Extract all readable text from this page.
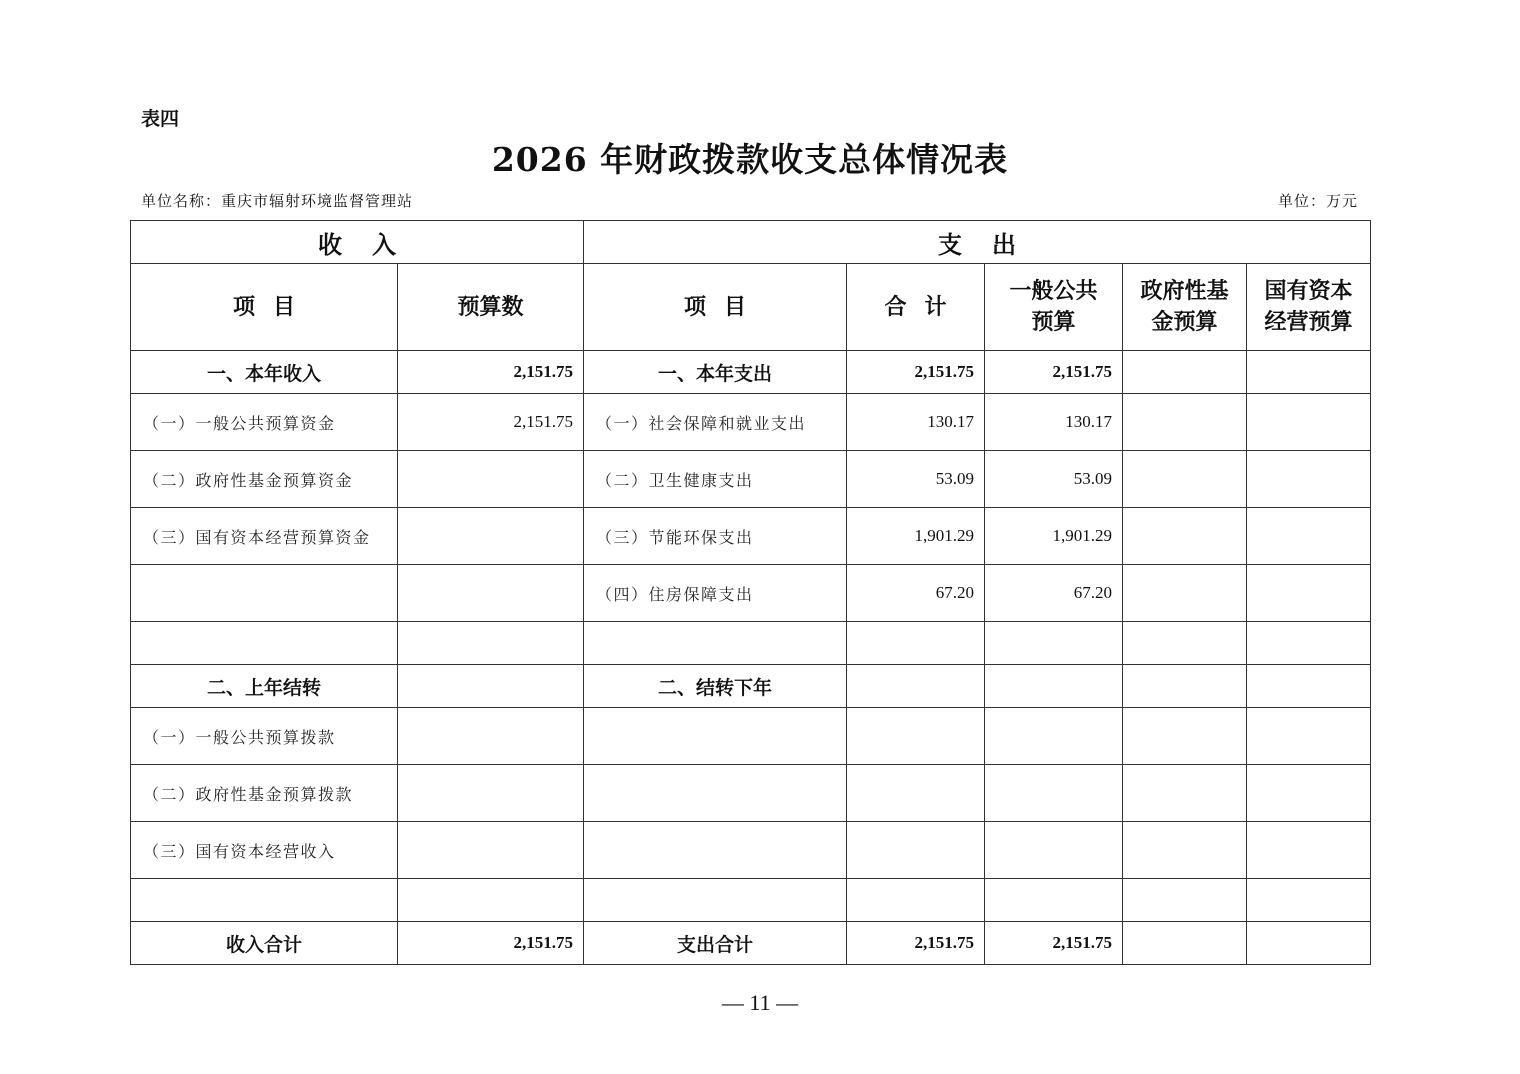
表四
2026 年财政拨款收支总体情况表
单位名称：重庆市辐射环境监督管理站	单位：万元
收入		支出				
项目	预算数	项目	合计	一般公共预算	政府性基金预算	国有资本经营预算
一、本年收入	2,151.75	一、本年支出	2,151.75	2,151.75		
（一）一般公共预算资金	2,151.75	（一）社会保障和就业支出	130.17	130.17		
（二）政府性基金预算资金		（二）卫生健康支出	53.09	53.09		
（三）国有资本经营预算资金		（三）节能环保支出	1,901.29	1,901.29		
		（四）住房保障支出	67.20	67.20		

二、上年结转		二、结转下年				
（一）一般公共预算拨款						
（二）政府性基金预算拨款						
（三）国有资本经营收入						

收入合计	2,151.75	支出合计	2,151.75	2,151.75		
— 11 —
